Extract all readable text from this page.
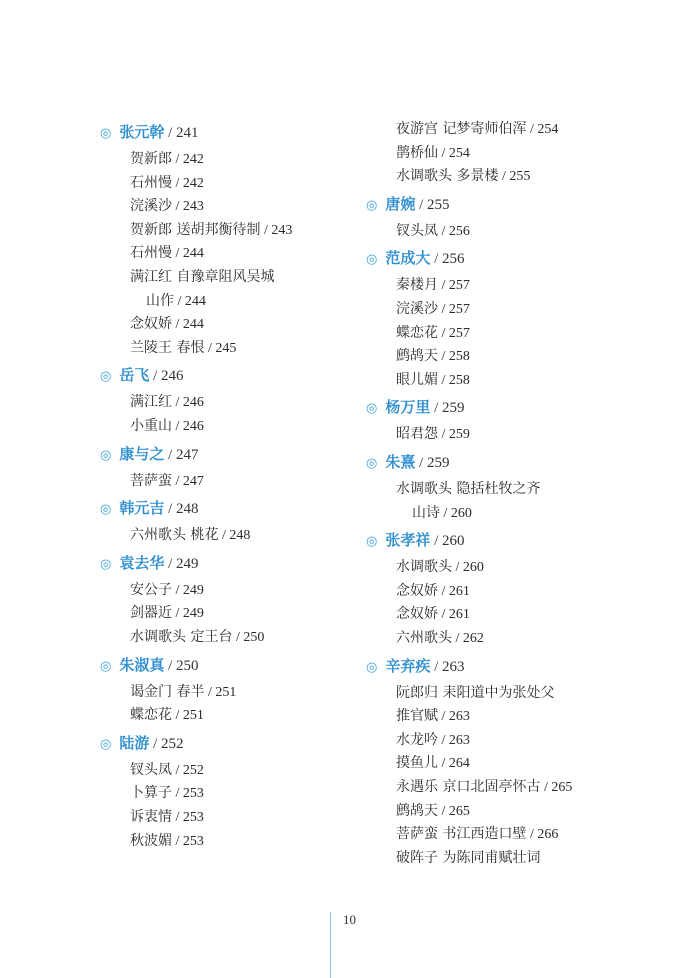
◎ 张元幹 / 241
贺新郎 / 242
石州慢 / 242
浣溪沙 / 243
贺新郎 送胡邦衡待制 / 243
石州慢 / 244
满江红 自豫章阻风吴城
山作 / 244
念奴娇 / 244
兰陵王 春恨 / 245
◎ 岳飞 / 246
满江红 / 246
小重山 / 246
◎ 康与之 / 247
菩萨蛮 / 247
◎ 韩元吉 / 248
六州歌头 桃花 / 248
◎ 袁去华 / 249
安公子 / 249
剑器近 / 249
水调歌头 定王台 / 250
◎ 朱淑真 / 250
谒金门 春半 / 251
蝶恋花 / 251
◎ 陆游 / 252
钗头凤 / 252
卜算子 / 253
诉衷情 / 253
秋波媚 / 253
夜游宫 记梦寄师伯浑 / 254
鹊桥仙 / 254
水调歌头 多景楼 / 255
◎ 唐婉 / 255
钗头凤 / 256
◎ 范成大 / 256
秦楼月 / 257
浣溪沙 / 257
蝶恋花 / 257
鹧鸪天 / 258
眼儿媚 / 258
◎ 杨万里 / 259
昭君怨 / 259
◎ 朱熹 / 259
水调歌头 隐括杜牧之齐
山诗 / 260
◎ 张孝祥 / 260
水调歌头 / 260
念奴娇 / 261
念奴娇 / 261
六州歌头 / 262
◎ 辛弃疾 / 263
阮郎归 耒阳道中为张处父
推官赋 / 263
水龙吟 / 263
摸鱼儿 / 264
永遇乐 京口北固亭怀古 / 265
鹧鸪天 / 265
菩萨蛮 书江西造口壁 / 266
破阵子 为陈同甫赋壮词
10
